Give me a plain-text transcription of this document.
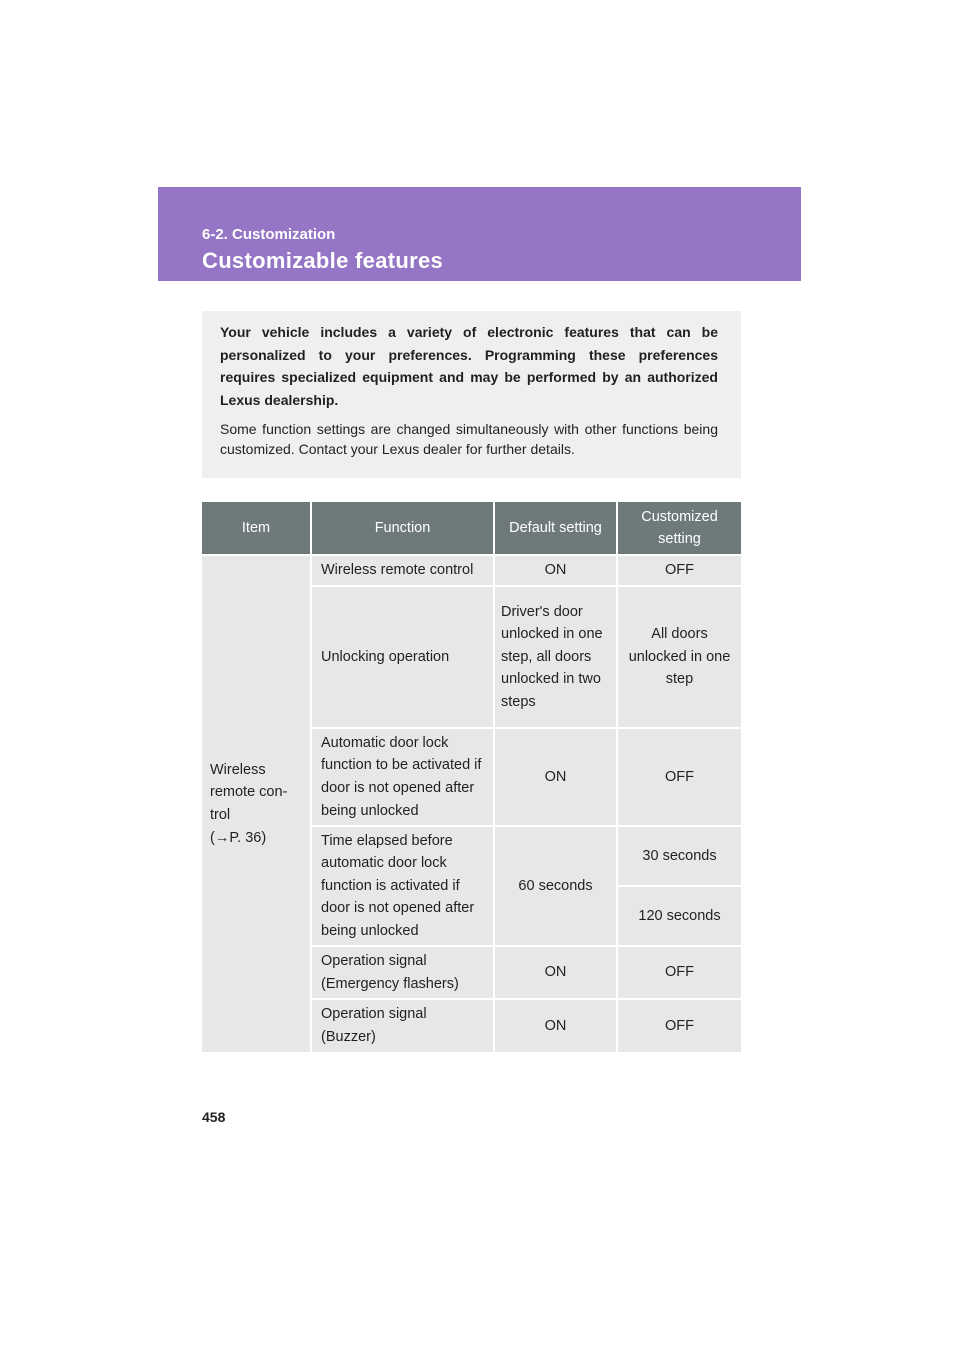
6-2. Customization
Customizable features

Your vehicle includes a variety of electronic features that can be personalized to your preferences. Programming these preferences requires specialized equipment and may be performed by an authorized Lexus dealership.

Some function settings are changed simultaneously with other functions being customized. Contact your Lexus dealer for further details.

Item	Function	Default setting	Customized setting

Wireless
remote con-
trol
(→P. 36)	Wireless remote control	ON	OFF
	Unlocking operation	Driver's door unlocked in one step, all doors unlocked in two steps	All doors unlocked in one step
	Automatic door lock function to be activated if door is not opened after being unlocked	ON	OFF
	Time elapsed before automatic door lock function is activated if door is not opened after being unlocked	60 seconds	30 seconds
			120 seconds
	Operation signal (Emergency flashers)	ON	OFF
	Operation signal (Buzzer)	ON	OFF
458
